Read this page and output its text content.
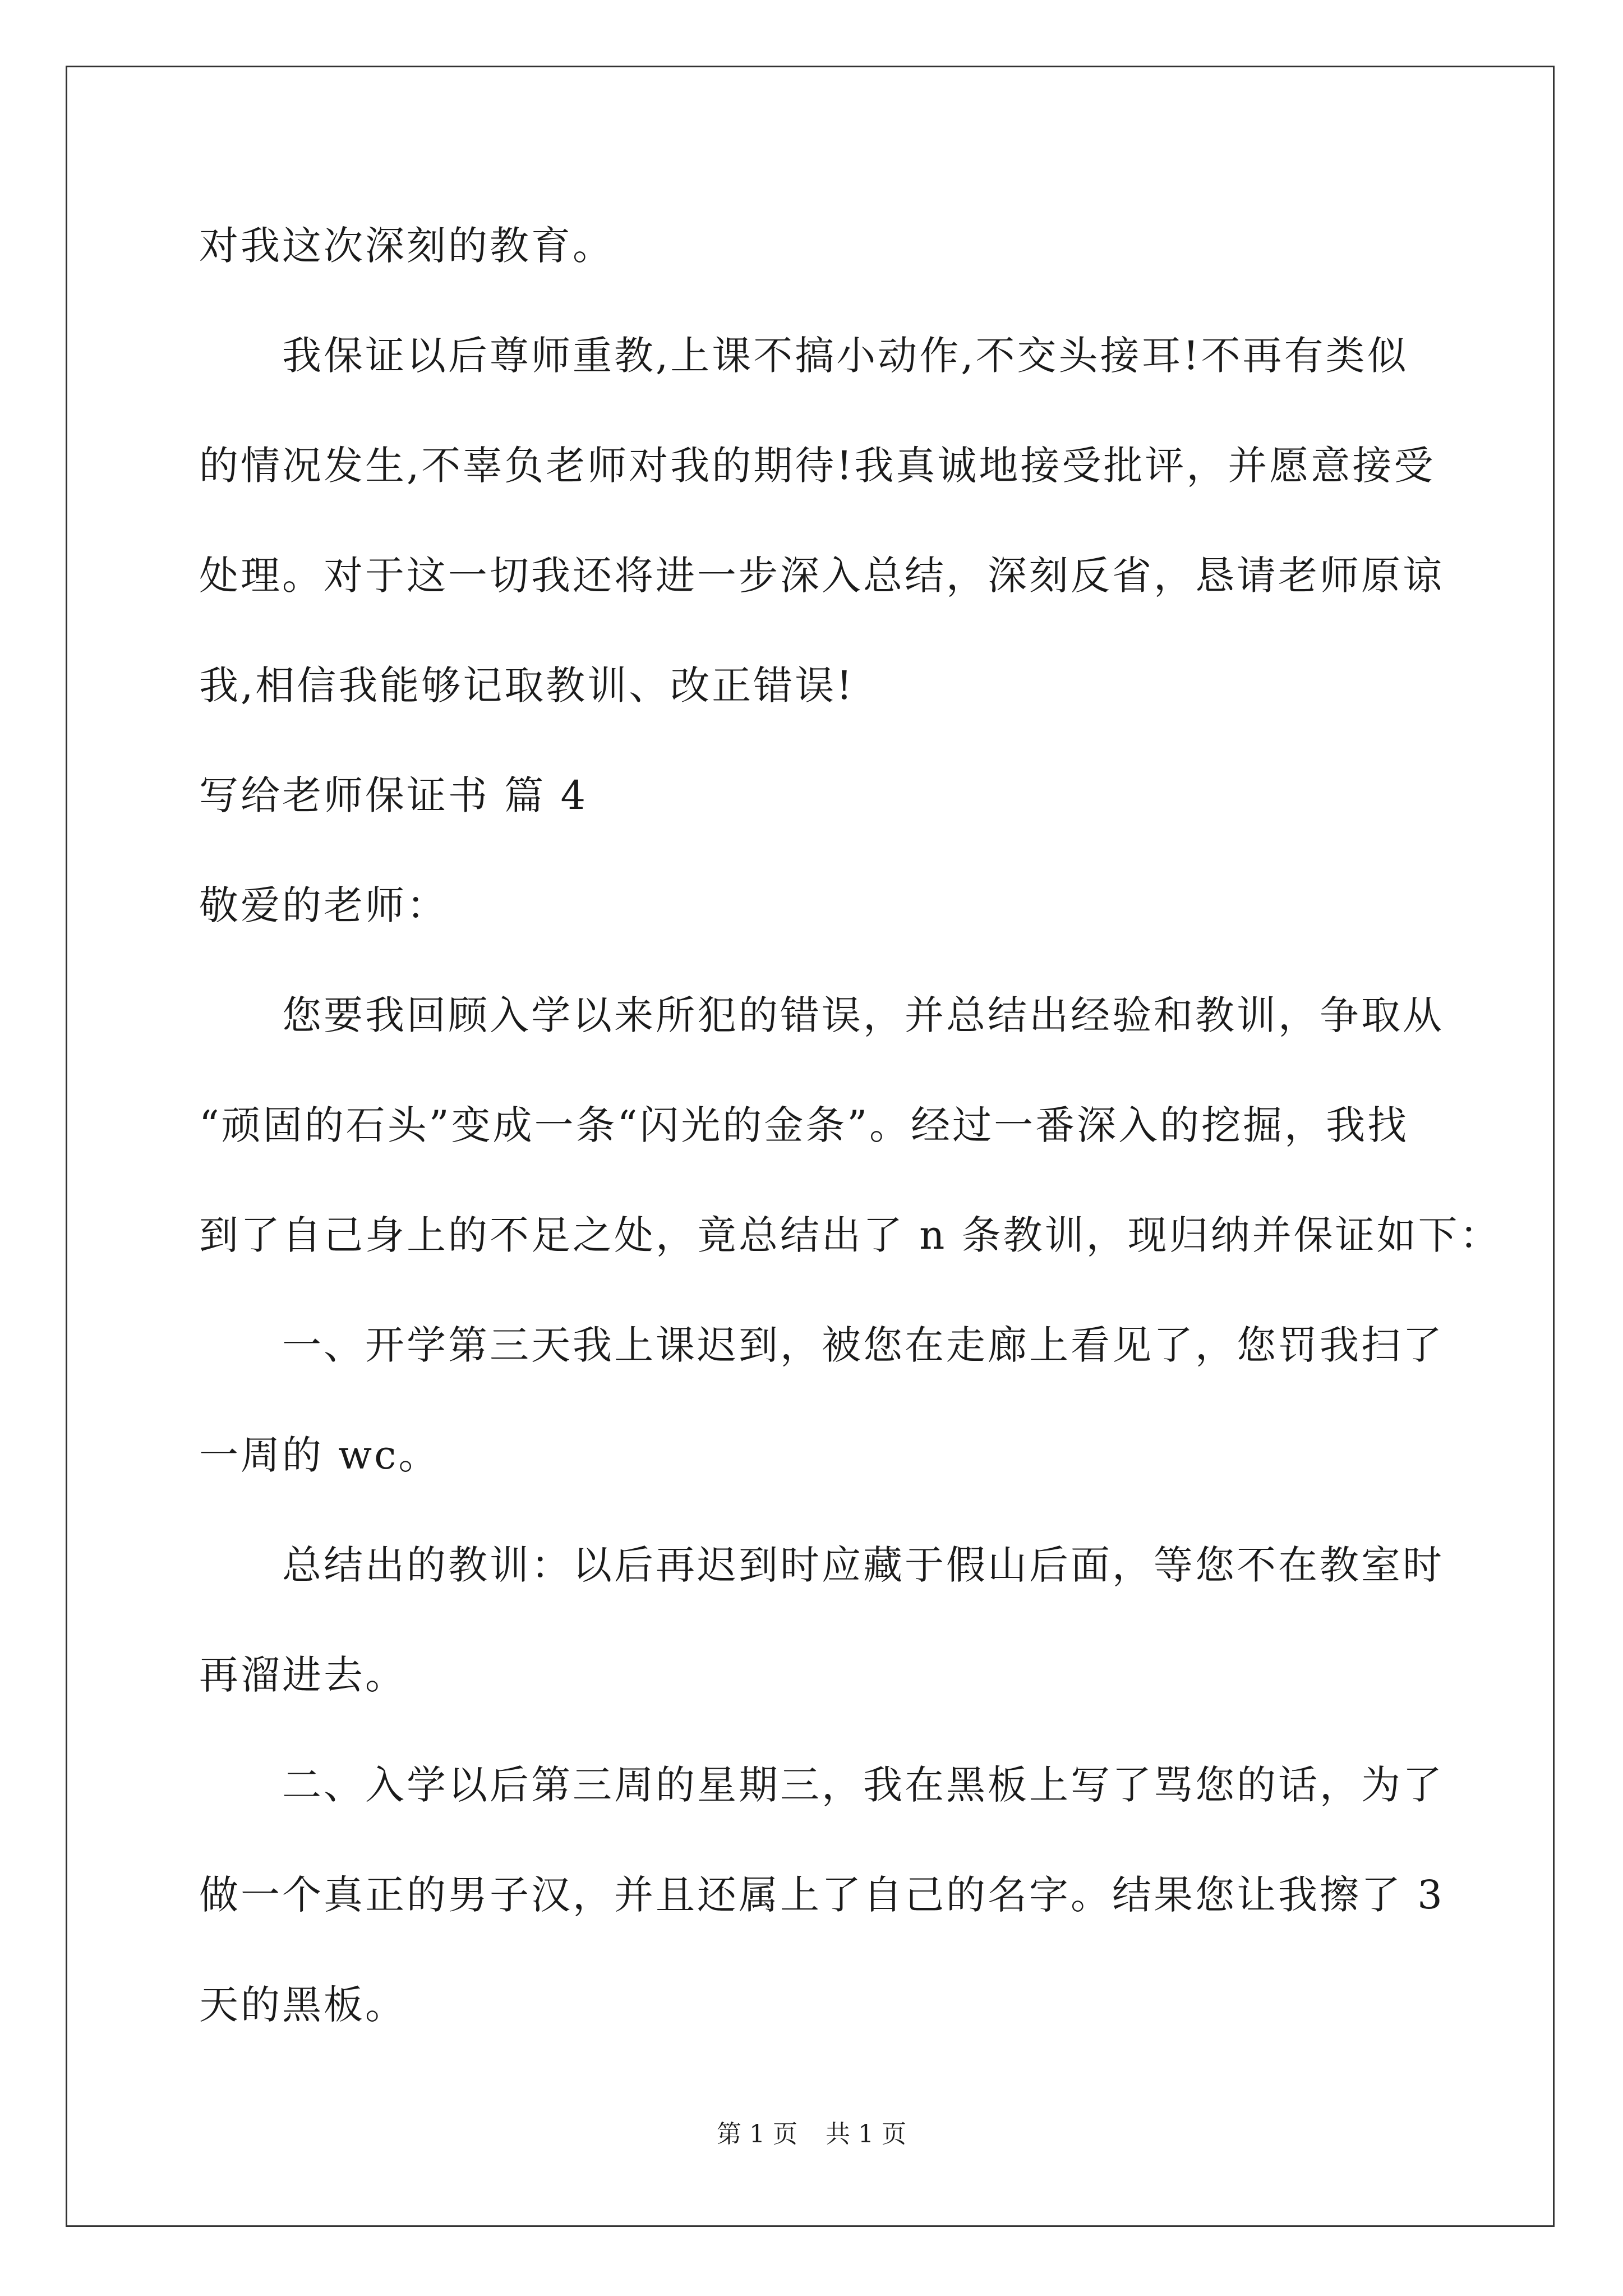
对我这次深刻的教育。
我保证以后尊师重教,上课不搞小动作,不交头接耳!不再有类似
的情况发生,不辜负老师对我的期待!我真诚地接受批评，并愿意接受
处理。对于这一切我还将进一步深入总结，深刻反省，恳请老师原谅
我,相信我能够记取教训、改正错误!
写给老师保证书 篇 4
敬爱的老师：
您要我回顾入学以来所犯的错误，并总结出经验和教训，争取从
“顽固的石头”变成一条“闪光的金条”。经过一番深入的挖掘，我找
到了自己身上的不足之处，竟总结出了 n 条教训，现归纳并保证如下：
一、开学第三天我上课迟到，被您在走廊上看见了，您罚我扫了
一周的 wc。
总结出的教训：以后再迟到时应藏于假山后面，等您不在教室时
再溜进去。
二、入学以后第三周的星期三，我在黑板上写了骂您的话，为了
做一个真正的男子汉，并且还属上了自己的名字。结果您让我擦了 3
天的黑板。
第 1 页 共 1 页
